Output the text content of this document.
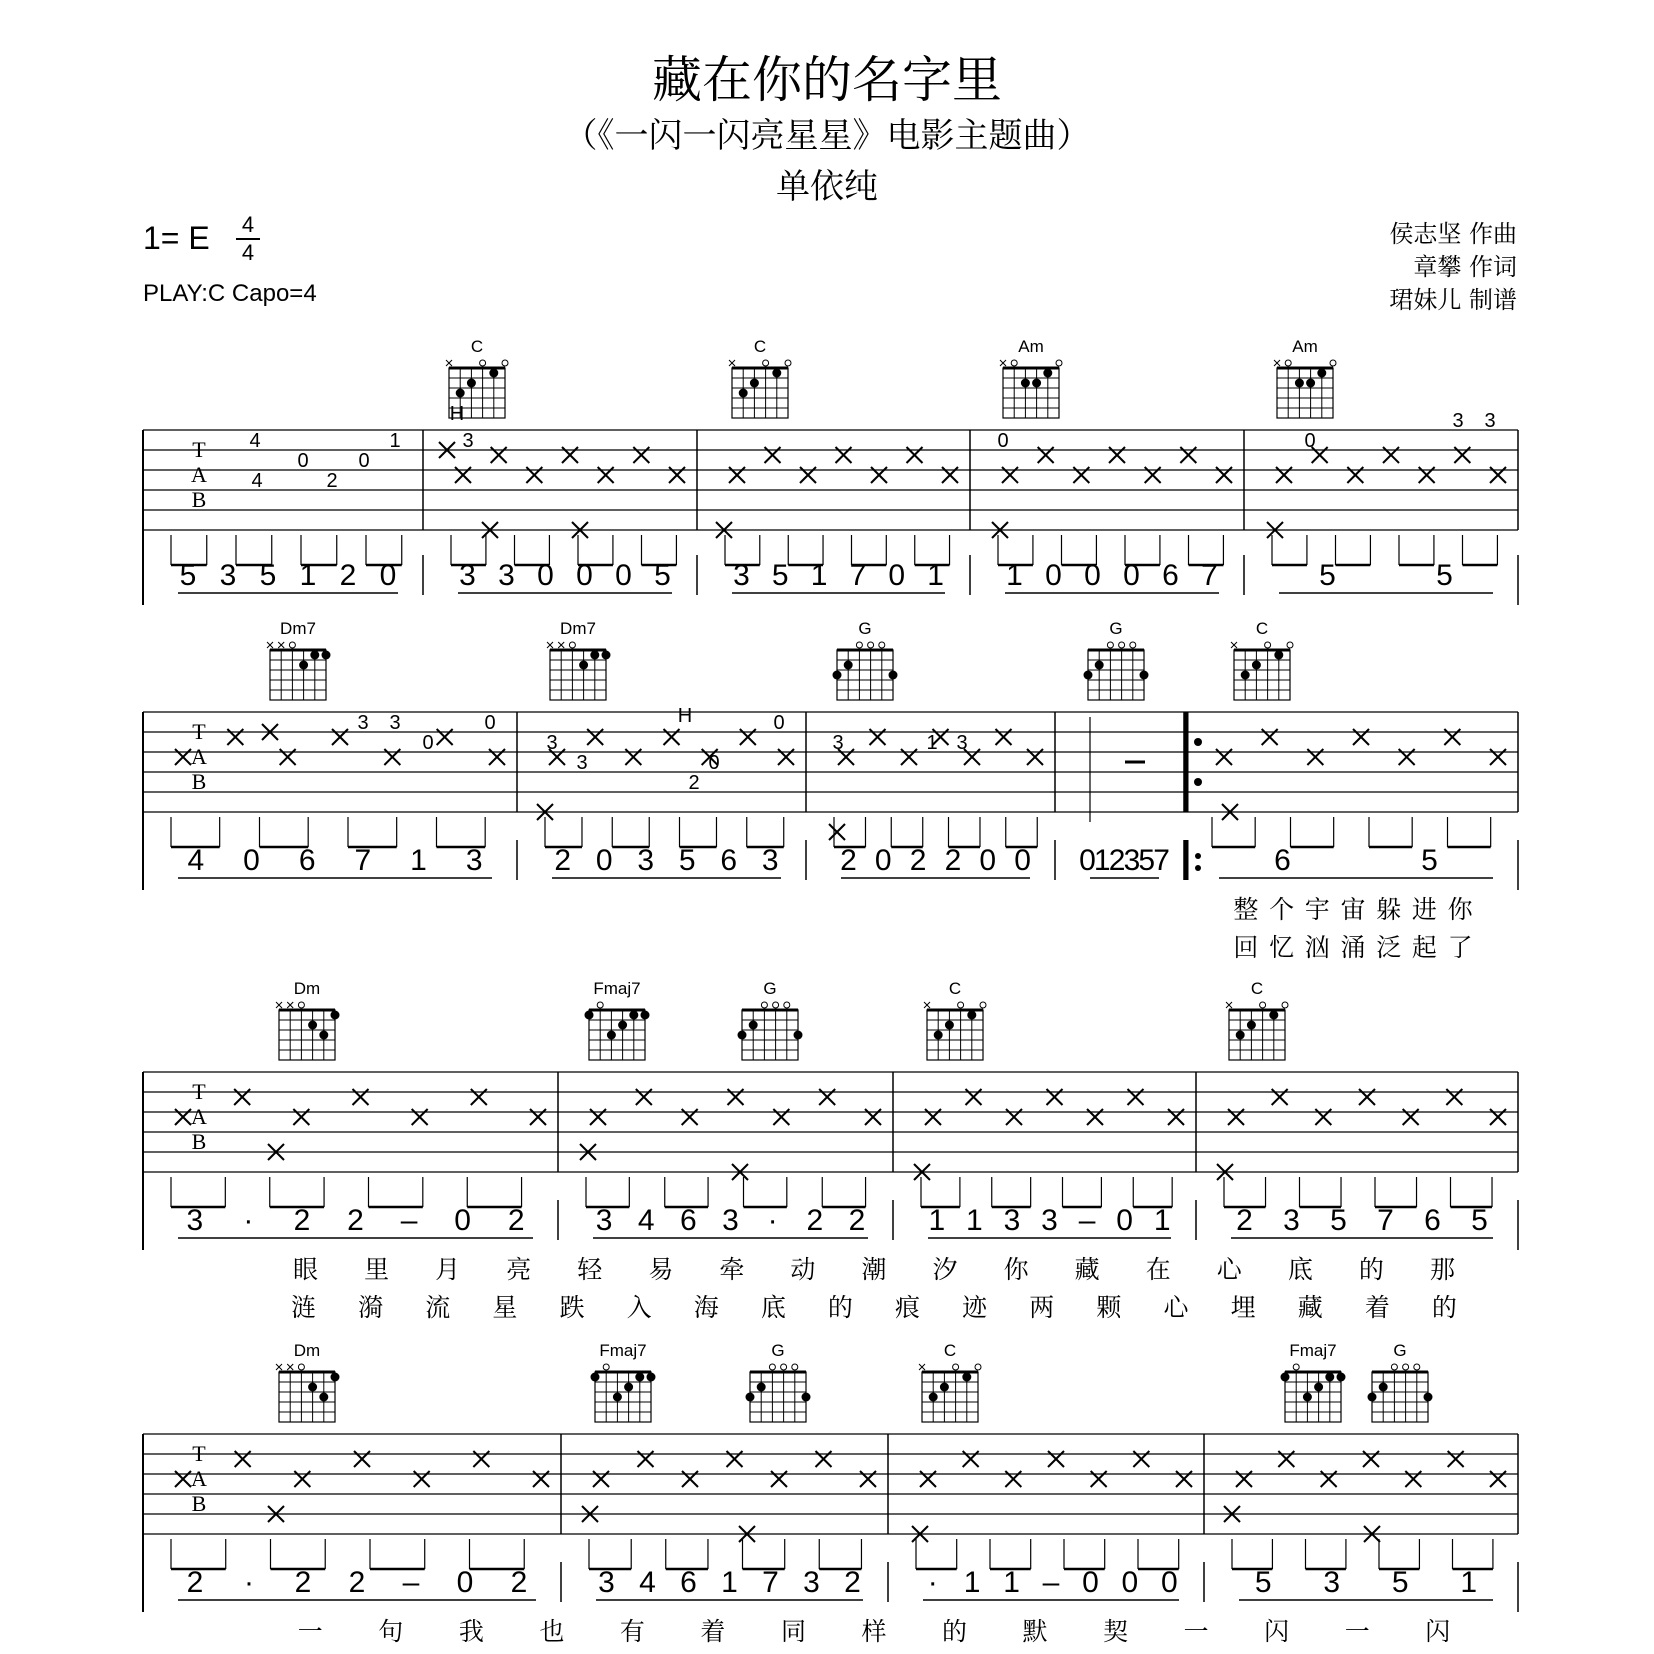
藏在你的名字里
（《一闪一闪亮星星》电影主题曲）
单依纯
1= E 4
4
PLAY:C Capo=4
侯志坚 作曲
章攀 作词
珺妹儿 制谱
C	C	Am	Am
T
A
B
4
4
0
2
0
1	3	0	0
3 3
H
5 3 5 1 2 0 3 3 0 0 0 5 3 5 1 7 0 1 1 0 0 0 6 7	5	5
Dm7	Dm7	G	G	C
T
A
B
3 3
0
0
3
3
2
0
0
3	1 3
H
4 0 6 7 1 3 2 0 3 5 6 3 2 0 2 2 0 0 0
1
2
3
5
7	6	5
整 个 宇 宙 躲 进 你
回 忆 汹 涌 泛 起 了
Dm	Fmaj7	G	C	C
T
A
B
3 · 2 2 – 0 2 3 4 6 3 · 2 2 1 1 3 3 – 0 1 2 3 5 7 6 5
眼 里 月 亮 轻 易 牵 动 潮 汐 你 藏 在 心 底 的 那
涟 漪 流 星 跌 入 海 底 的 痕 迹 两 颗 心 埋 藏 着 的
Dm	Fmaj7	G	C	Fmaj7	G
T
A
B
2 · 2 2 – 0 2 3 4 6 1 7 3 2 · 1 1 – 0 0 0	5 3 5 1
一 句 我 也 有 着 同 样 的 默 契 一 闪 一 闪
